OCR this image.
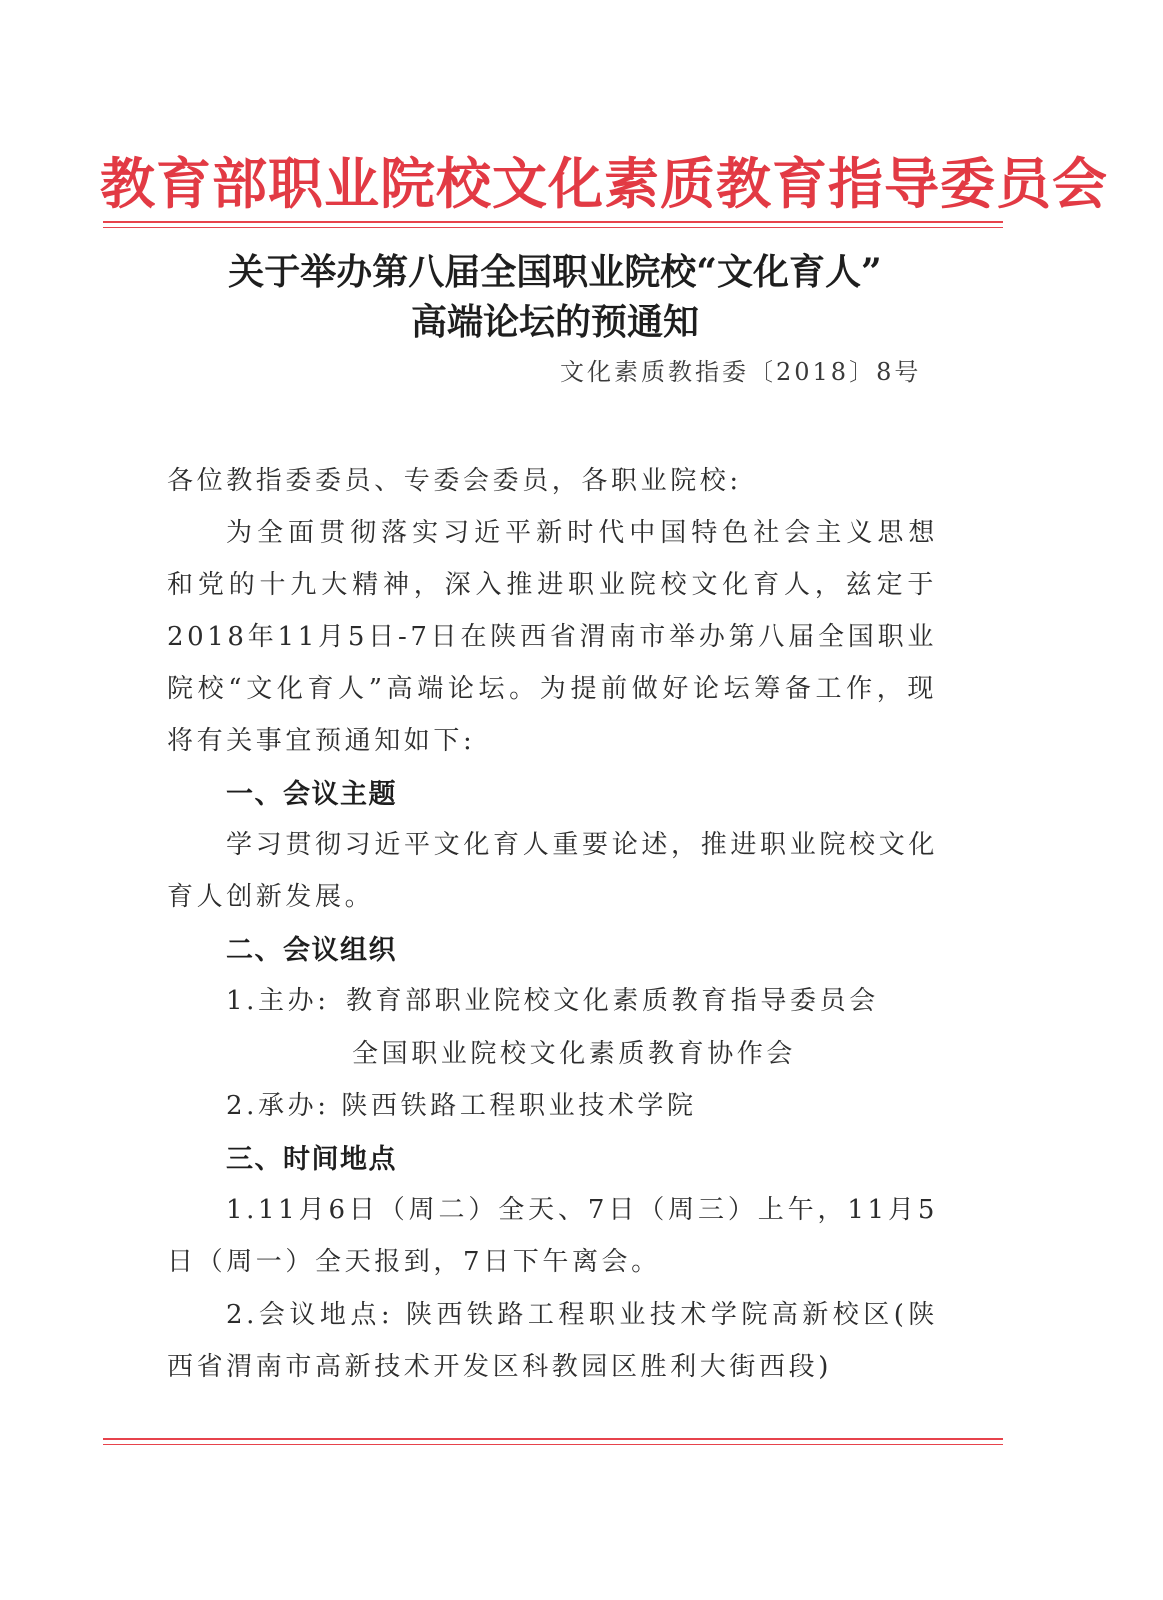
教育部职业院校文化素质教育指导委员会
关于举办第八届全国职业院校“文化育人”
高端论坛的预通知
文化素质教指委〔2018〕8号
各位教指委委员、专委会委员，各职业院校:
为全面贯彻落实习近平新时代中国特色社会主义思想
和党的十九大精神，深入推进职业院校文化育人，兹定于
2018年11月5日-7日在陕西省渭南市举办第八届全国职业
院校“文化育人”高端论坛。为提前做好论坛筹备工作，现
将有关事宜预通知如下:
一、会议主题
学习贯彻习近平文化育人重要论述，推进职业院校文化
育人创新发展。
二、会议组织
1.主办: 教育部职业院校文化素质教育指导委员会
全国职业院校文化素质教育协作会
2.承办: 陕西铁路工程职业技术学院
三、时间地点
1.11月6日（周二）全天、7日（周三）上午，11月5
日（周一）全天报到，7日下午离会。
2.会议地点: 陕西铁路工程职业技术学院高新校区(陕
西省渭南市高新技术开发区科教园区胜利大街西段)
